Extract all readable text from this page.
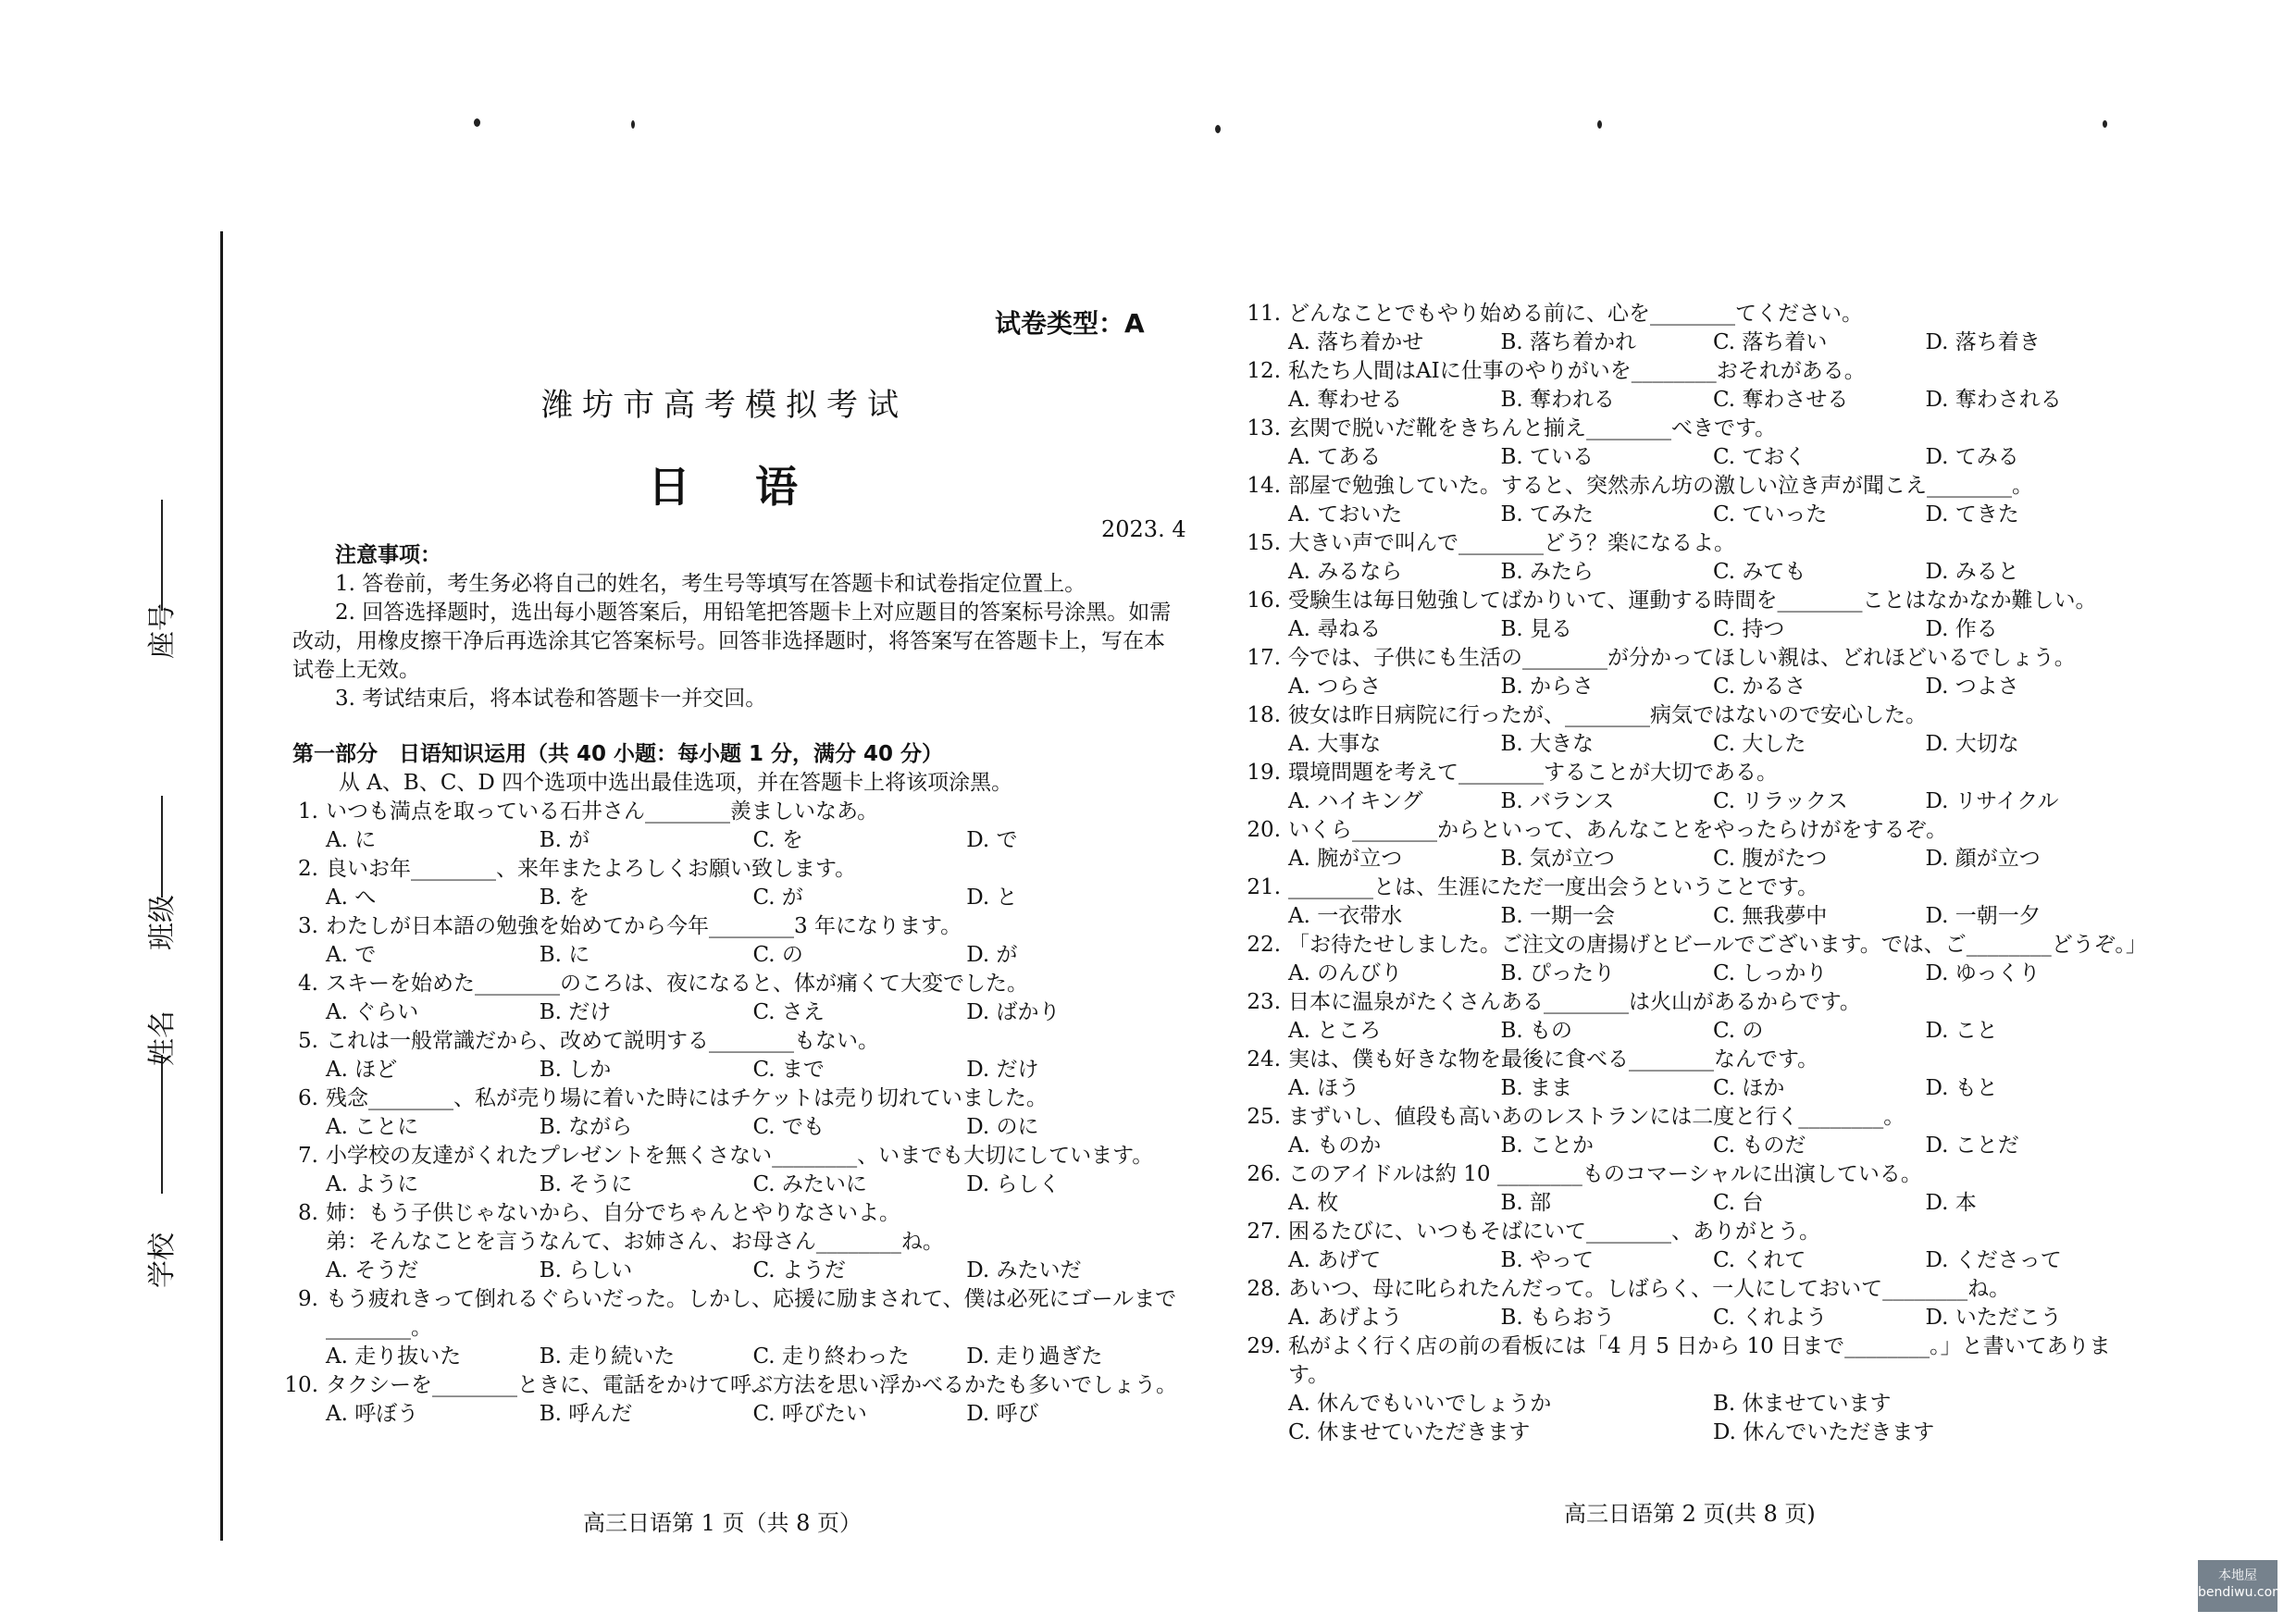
座号
班级
姓名
学校
试卷类型：A
潍坊市高考模拟考试
日语
2023. 4
注意事项：

1. 答卷前，考生务必将自己的姓名，考生号等填写在答题卡和试卷指定位置上。

2. 回答选择题时，选出每小题答案后，用铅笔把答题卡上对应题目的答案标号涂黑。如需改动，用橡皮擦干净后再选涂其它答案标号。回答非选择题时，将答案写在答题卡上，写在本试卷上无效。

3. 考试结束后，将本试卷和答题卡一并交回。

第一部分　日语知识运用（共 40 小题：每小题 1 分，满分 40 分）
从 A、B、C、D 四个选项中选出最佳选项，并在答题卡上将该项涂黑。
1. いつも満点を取っている石井さん________羨ましいなあ。
A. に	B. が	C. を	D. で
2. 良いお年________、来年またよろしくお願い致します。
A. へ	B. を	C. が	D. と
3. わたしが日本語の勉強を始めてから今年________3 年になります。
A. で	B. に	C. の	D. が
4. スキーを始めた________のころは、夜になると、体が痛くて大変でした。
A. ぐらい	B. だけ	C. さえ	D. ばかり
5. これは一般常識だから、改めて説明する________もない。
A. ほど	B. しか	C. まで	D. だけ
6. 残念________、私が売り場に着いた時にはチケットは売り切れていました。
A. ことに	B. ながら	C. でも	D. のに
7. 小学校の友達がくれたプレゼントを無くさない________、いまでも大切にしています。
A. ように	B. そうに	C. みたいに	D. らしく
8. 姉：もう子供じゃないから、自分でちゃんとやりなさいよ。
弟：そんなことを言うなんて、お姉さん、お母さん________ね。
A. そうだ	B. らしい	C. ようだ	D. みたいだ
9. もう疲れきって倒れるぐらいだった。しかし、応援に励まされて、僕は必死にゴールまで________。
A. 走り抜いた	B. 走り続いた	C. 走り終わった	D. 走り過ぎた
10. タクシーを________ときに、電話をかけて呼ぶ方法を思い浮かべるかたも多いでしょう。
A. 呼ぼう	B. 呼んだ	C. 呼びたい	D. 呼び
11. どんなことでもやり始める前に、心を________てください。
A. 落ち着かせ	B. 落ち着かれ	C. 落ち着い	D. 落ち着き
12. 私たち人間はAIに仕事のやりがいを________おそれがある。
A. 奪わせる	B. 奪われる	C. 奪わさせる	D. 奪わされる
13. 玄関で脱いだ靴をきちんと揃え________べきです。
A. てある	B. ている	C. ておく	D. てみる
14. 部屋で勉強していた。すると、突然赤ん坊の激しい泣き声が聞こえ________。
A. ておいた	B. てみた	C. ていった	D. てきた
15. 大きい声で叫んで________どう？楽になるよ。
A. みるなら	B. みたら	C. みても	D. みると
16. 受験生は毎日勉強してばかりいて、運動する時間を________ことはなかなか難しい。
A. 尋ねる	B. 見る	C. 持つ	D. 作る
17. 今では、子供にも生活の________が分かってほしい親は、どれほどいるでしょう。
A. つらさ	B. からさ	C. かるさ	D. つよさ
18. 彼女は昨日病院に行ったが、________病気ではないので安心した。
A. 大事な	B. 大きな	C. 大した	D. 大切な
19. 環境問題を考えて________することが大切である。
A. ハイキング	B. バランス	C. リラックス	D. リサイクル
20. いくら________からといって、あんなことをやったらけがをするぞ。
A. 腕が立つ	B. 気が立つ	C. 腹がたつ	D. 顔が立つ
21. ________とは、生涯にただ一度出会うということです。
A. 一衣带水	B. 一期一会	C. 無我夢中	D. 一朝一夕
22. 「お待たせしました。ご注文の唐揚げとビールでございます。では、ご________どうぞ。」
A. のんびり	B. ぴったり	C. しっかり	D. ゆっくり
23. 日本に温泉がたくさんある________は火山があるからです。
A. ところ	B. もの	C. の	D. こと
24. 実は、僕も好きな物を最後に食べる________なんです。
A. ほう	B. まま	C. ほか	D. もと
25. まずいし、値段も高いあのレストランには二度と行く________。
A. ものか	B. ことか	C. ものだ	D. ことだ
26. このアイドルは約 10 ________ものコマーシャルに出演している。
A. 枚	B. 部	C. 台	D. 本
27. 困るたびに、いつもそばにいて________、ありがとう。
A. あげて	B. やって	C. くれて	D. くださって
28. あいつ、母に叱られたんだって。しばらく、一人にしておいて________ね。
A. あげよう	B. もらおう	C. くれよう	D. いただこう
29. 私がよく行く店の前の看板には「4 月 5 日から 10 日まで________。」と書いてあります。
A. 休んでもいいでしょうか	B. 休ませています
C. 休ませていただきます	D. 休んでいただきます
高三日语第 1 页（共 8 页）	高三日语第 2 页(共 8 页)
本地屋
bendiwu.com
